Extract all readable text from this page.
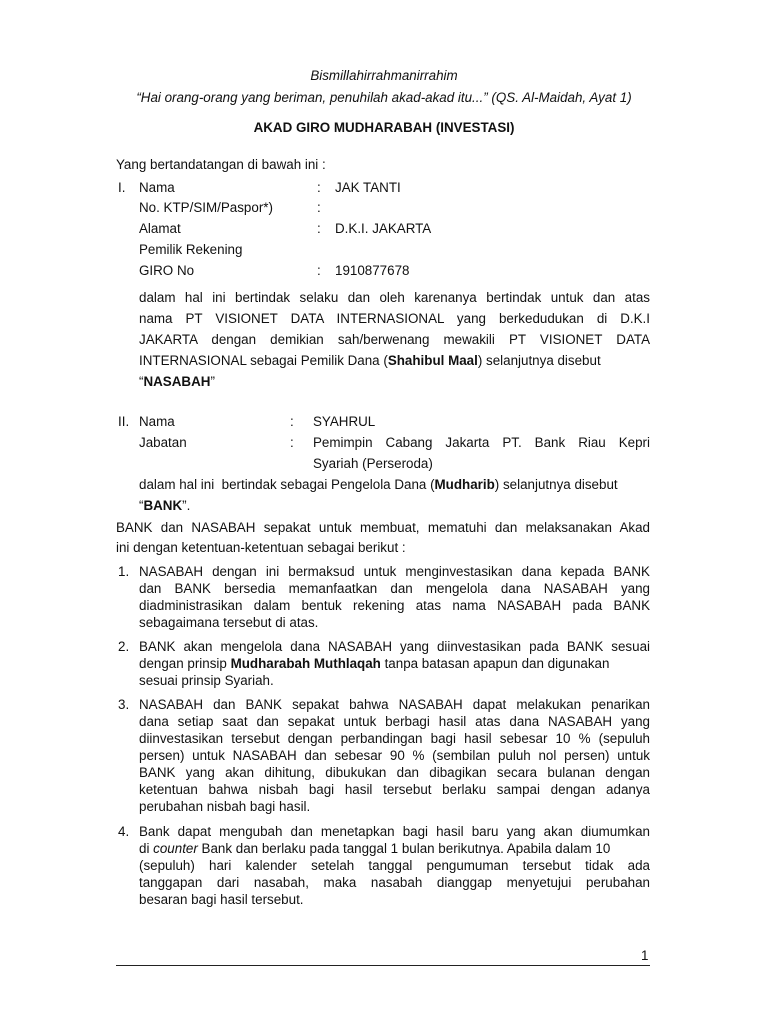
Bismillahirrahmanirrahim
“Hai orang-orang yang beriman, penuhilah akad-akad itu...” (QS. Al-Maidah, Ayat 1)
AKAD GIRO MUDHARABAH (INVESTASI)
Yang bertandatangan di bawah ini :
I. Nama	: JAK TANTI
No. KTP/SIM/Paspor*)	:
Alamat	: D.K.I. JAKARTA
Pemilik Rekening
GIRO No	: 1910877678
dalam hal ini bertindak selaku dan oleh karenanya bertindak untuk dan atas
nama PT VISIONET DATA INTERNASIONAL yang berkedudukan di D.K.I
JAKARTA dengan demikian sah/berwenang mewakili PT VISIONET DATA
INTERNASIONAL sebagai Pemilik Dana (Shahibul Maal) selanjutnya disebut
“NASABAH”
II. Nama	: SYAHRUL
Jabatan	: Pemimpin Cabang Jakarta PT. Bank Riau Kepri
Syariah (Perseroda)
dalam hal ini  bertindak sebagai Pengelola Dana (Mudharib) selanjutnya disebut
“BANK”.
BANK dan NASABAH sepakat untuk membuat, mematuhi dan melaksanakan Akad
ini dengan ketentuan-ketentuan sebagai berikut :
1. NASABAH dengan ini bermaksud untuk menginvestasikan dana kepada BANK
dan BANK bersedia memanfaatkan dan mengelola dana NASABAH yang
diadministrasikan dalam bentuk rekening atas nama NASABAH pada BANK
sebagaimana tersebut di atas.
2. BANK akan mengelola dana NASABAH yang diinvestasikan pada BANK sesuai
dengan prinsip Mudharabah Muthlaqah tanpa batasan apapun dan digunakan
sesuai prinsip Syariah.
3. NASABAH dan BANK sepakat bahwa NASABAH dapat melakukan penarikan
dana setiap saat dan sepakat untuk berbagi hasil atas dana NASABAH yang
diinvestasikan tersebut dengan perbandingan bagi hasil sebesar 10 % (sepuluh
persen) untuk NASABAH dan sebesar 90 % (sembilan puluh nol persen) untuk
BANK yang akan dihitung, dibukukan dan dibagikan secara bulanan dengan
ketentuan bahwa nisbah bagi hasil tersebut berlaku sampai dengan adanya
perubahan nisbah bagi hasil.
4. Bank dapat mengubah dan menetapkan bagi hasil baru yang akan diumumkan
di counter Bank dan berlaku pada tanggal 1 bulan berikutnya. Apabila dalam 10
(sepuluh) hari kalender setelah tanggal pengumuman tersebut tidak ada
tanggapan dari nasabah, maka nasabah dianggap menyetujui perubahan
besaran bagi hasil tersebut.
1
